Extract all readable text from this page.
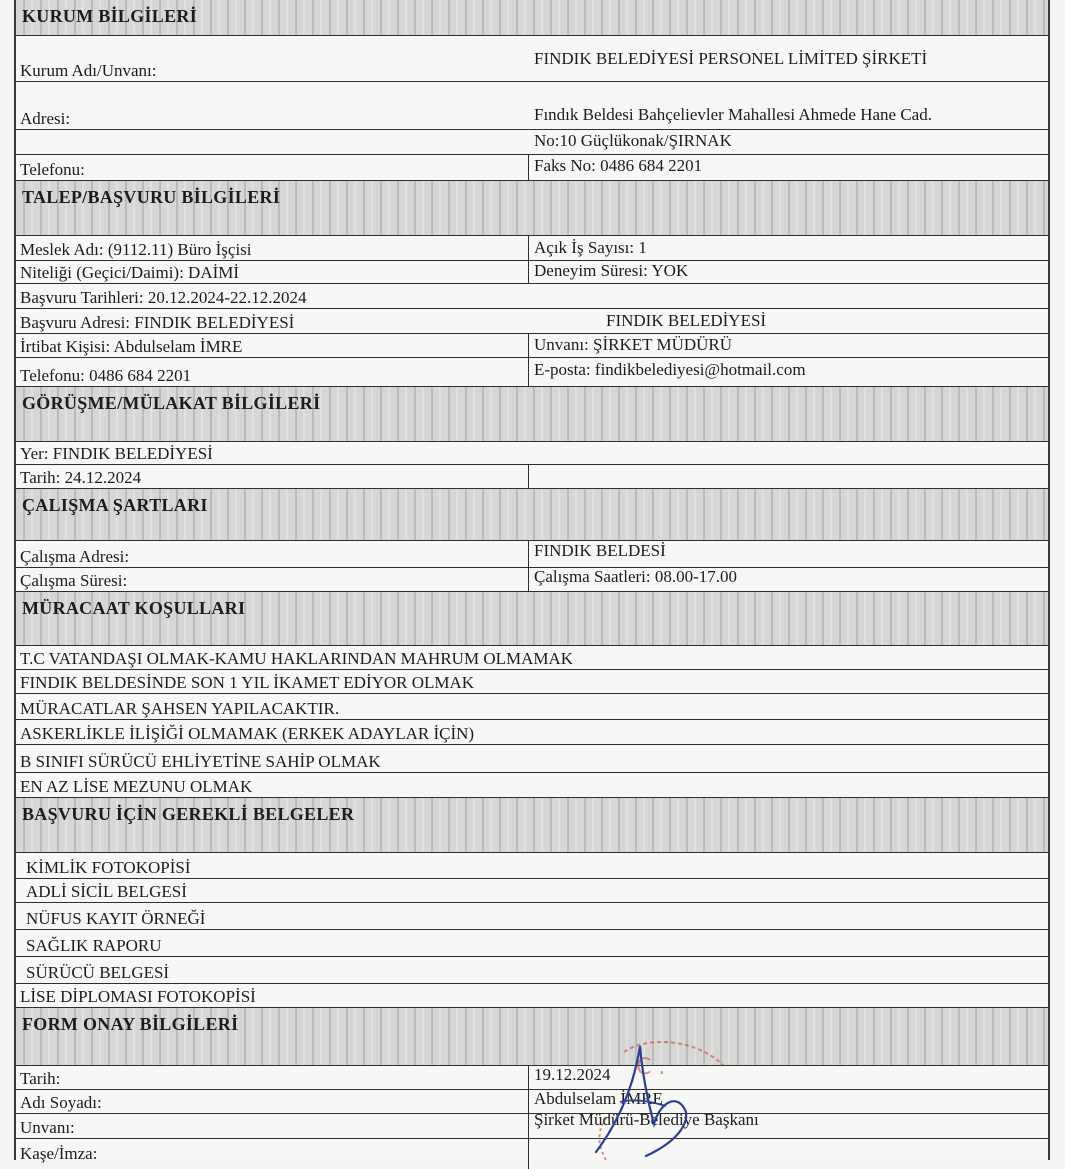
KURUM BİLGİLERİ
Kurum Adı/Unvanı:
FINDIK BELEDİYESİ PERSONEL LİMİTED ŞİRKETİ
Adresi:	Fındık Beldesi Bahçelievler Mahallesi Ahmede Hane Cad.
No:10 Güçlükonak/ŞIRNAK
Telefonu:	Faks No: 0486 684 2201
TALEP/BAŞVURU BİLGİLERİ
Meslek Adı: (9112.11) Büro İşçisi	Açık İş Sayısı: 1
Niteliği (Geçici/Daimi): DAİMİ	Deneyim Süresi: YOK
Başvuru Tarihleri: 20.12.2024-22.12.2024
Başvuru Adresi: FINDIK BELEDİYESİ	FINDIK BELEDİYESİ
İrtibat Kişisi: Abdulselam İMRE	Unvanı: ŞİRKET MÜDÜRÜ
Telefonu: 0486 684 2201	E-posta: findikbelediyesi@hotmail.com
GÖRÜŞME/MÜLAKAT BİLGİLERİ
Yer: FINDIK BELEDİYESİ
Tarih: 24.12.2024
ÇALIŞMA ŞARTLARI
Çalışma Adresi:	FINDIK BELDESİ
Çalışma Süresi:	Çalışma Saatleri: 08.00-17.00
MÜRACAAT KOŞULLARI
T.C VATANDAŞI OLMAK-KAMU HAKLARINDAN MAHRUM OLMAMAK
FINDIK BELDESİNDE SON 1 YIL İKAMET EDİYOR OLMAK
MÜRACATLAR ŞAHSEN YAPILACAKTIR.
ASKERLİKLE İLİŞİĞİ OLMAMAK (ERKEK ADAYLAR İÇİN)
B SINIFI SÜRÜCÜ EHLİYETİNE SAHİP OLMAK
EN AZ LİSE MEZUNU OLMAK
BAŞVURU İÇİN GEREKLİ BELGELER
KİMLİK FOTOKOPİSİ
ADLİ SİCİL BELGESİ
NÜFUS KAYIT ÖRNEĞİ
SAĞLIK RAPORU
SÜRÜCÜ BELGESİ
LİSE DİPLOMASI FOTOKOPİSİ
FORM ONAY BİLGİLERİ
Tarih:	19.12.2024
Adı Soyadı:	Abdulselam İMRE
Unvanı:	Şirket Müdürü-Belediye Başkanı
Kaşe/İmza:
C .
